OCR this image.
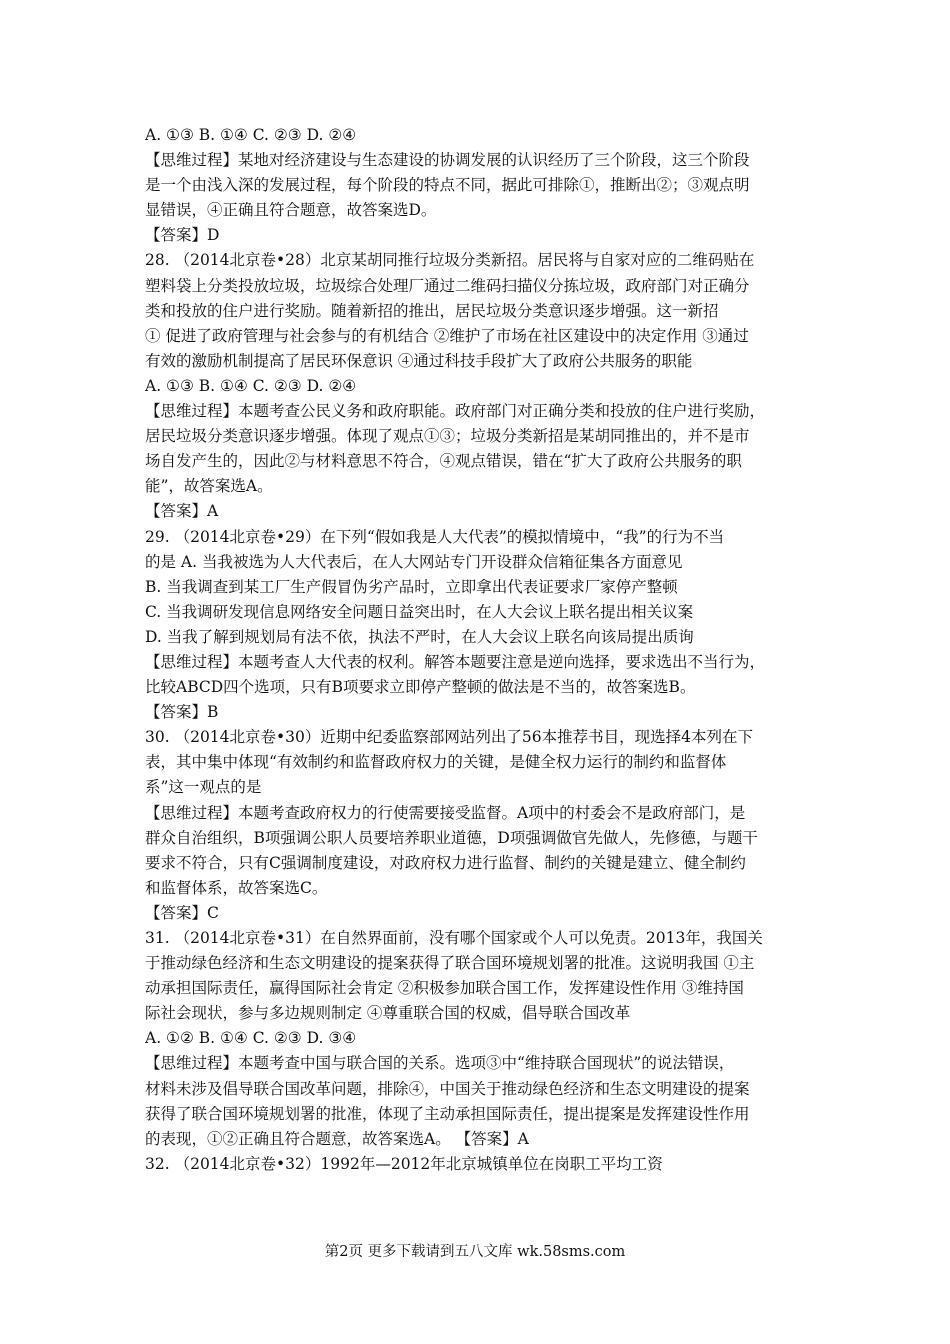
A. ①③ B. ①④ C. ②③ D. ②④
【思维过程】某地对经济建设与生态建设的协调发展的认识经历了三个阶段，这三个阶段
是一个由浅入深的发展过程，每个阶段的特点不同，据此可排除①，推断出②；③观点明
显错误，④正确且符合题意，故答案选D。
【答案】D
28. （2014北京卷•28）北京某胡同推行垃圾分类新招。居民将与自家对应的二维码贴在
塑料袋上分类投放垃圾，垃圾综合处理厂通过二维码扫描仪分拣垃圾，政府部门对正确分
类和投放的住户进行奖励。随着新招的推出，居民垃圾分类意识逐步增强。这一新招
① 促进了政府管理与社会参与的有机结合 ②维护了市场在社区建设中的决定作用 ③通过
有效的激励机制提高了居民环保意识 ④通过科技手段扩大了政府公共服务的职能
A. ①③ B. ①④ C. ②③ D. ②④
【思维过程】本题考查公民义务和政府职能。政府部门对正确分类和投放的住户进行奖励，
居民垃圾分类意识逐步增强。体现了观点①③；垃圾分类新招是某胡同推出的，并不是市
场自发产生的，因此②与材料意思不符合，④观点错误，错在“扩大了政府公共服务的职
能”，故答案选A。
【答案】A
29. （2014北京卷•29）在下列“假如我是人大代表”的模拟情境中，“我”的行为不当
的是 A. 当我被选为人大代表后，在人大网站专门开设群众信箱征集各方面意见
B. 当我调查到某工厂生产假冒伪劣产品时，立即拿出代表证要求厂家停产整顿
C. 当我调研发现信息网络安全问题日益突出时，在人大会议上联名提出相关议案
D. 当我了解到规划局有法不依，执法不严时，在人大会议上联名向该局提出质询
【思维过程】本题考查人大代表的权利。解答本题要注意是逆向选择，要求选出不当行为，
比较ABCD四个选项，只有B项要求立即停产整顿的做法是不当的，故答案选B。
【答案】B
30. （2014北京卷•30）近期中纪委监察部网站列出了56本推荐书目，现选择4本列在下
表，其中集中体现“有效制约和监督政府权力的关键，是健全权力运行的制约和监督体
系”这一观点的是
【思维过程】本题考查政府权力的行使需要接受监督。A项中的村委会不是政府部门，是
群众自治组织，B项强调公职人员要培养职业道德，D项强调做官先做人，先修德，与题干
要求不符合，只有C强调制度建设，对政府权力进行监督、制约的关键是建立、健全制约
和监督体系，故答案选C。
【答案】C
31. （2014北京卷•31）在自然界面前，没有哪个国家或个人可以免责。2013年，我国关
于推动绿色经济和生态文明建设的提案获得了联合国环境规划署的批准。这说明我国 ①主
动承担国际责任，赢得国际社会肯定 ②积极参加联合国工作，发挥建设性作用 ③维持国
际社会现状，参与多边规则制定 ④尊重联合国的权威，倡导联合国改革
A. ①② B. ①④ C. ②③ D. ③④
【思维过程】本题考查中国与联合国的关系。选项③中“维持联合国现状”的说法错误，
材料未涉及倡导联合国改革问题，排除④，中国关于推动绿色经济和生态文明建设的提案
获得了联合国环境规划署的批准，体现了主动承担国际责任，提出提案是发挥建设性作用
的表现，①②正确且符合题意，故答案选A。 【答案】A
32. （2014北京卷•32）1992年—2012年北京城镇单位在岗职工平均工资
第2页 更多下载请到五八文库 wk.58sms.com
